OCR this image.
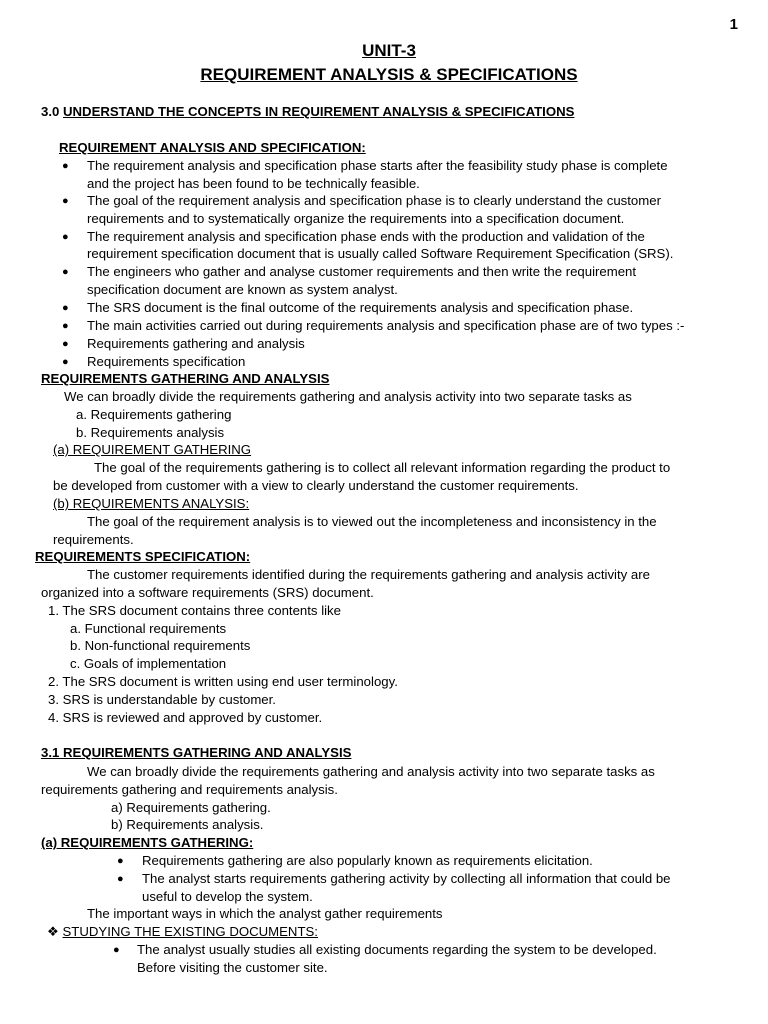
1
UNIT-3
REQUIREMENT ANALYSIS & SPECIFICATIONS
3.0 UNDERSTAND THE CONCEPTS IN REQUIREMENT ANALYSIS & SPECIFICATIONS
REQUIREMENT ANALYSIS AND SPECIFICATION:
● The requirement analysis and specification phase starts after the feasibility study phase is complete
and the project has been found to be technically feasible.
● The goal of the requirement analysis and specification phase is to clearly understand the customer
requirements and to systematically organize the requirements into a specification document.
● The requirement analysis and specification phase ends with the production and validation of the
requirement specification document that is usually called Software Requirement Specification (SRS).
● The engineers who gather and analyse customer requirements and then write the requirement
specification document are known as system analyst.
● The SRS document is the final outcome of the requirements analysis and specification phase.
● The main activities carried out during requirements analysis and specification phase are of two types :-
● Requirements gathering and analysis
● Requirements specification
REQUIREMENTS GATHERING AND ANALYSIS
We can broadly divide the requirements gathering and analysis activity into two separate tasks as
a. Requirements gathering
b. Requirements analysis
(a) REQUIREMENT GATHERING
The goal of the requirements gathering is to collect all relevant information regarding the product to
be developed from customer with a view to clearly understand the customer requirements.
(b) REQUIREMENTS ANALYSIS:
The goal of the requirement analysis is to viewed out the incompleteness and inconsistency in the
requirements.
REQUIREMENTS SPECIFICATION:
The customer requirements identified during the requirements gathering and analysis activity are
organized into a software requirements (SRS) document.
1. The SRS document contains three contents like
a. Functional requirements
b. Non-functional requirements
c. Goals of implementation
2. The SRS document is written using end user terminology.
3. SRS is understandable by customer.
4. SRS is reviewed and approved by customer.
3.1 REQUIREMENTS GATHERING AND ANALYSIS
We can broadly divide the requirements gathering and analysis activity into two separate tasks as
requirements gathering and requirements analysis.
a) Requirements gathering.
b) Requirements analysis.
(a) REQUIREMENTS GATHERING:
● Requirements gathering are also popularly known as requirements elicitation.
● The analyst starts requirements gathering activity by collecting all information that could be
useful to develop the system.
The important ways in which the analyst gather requirements
❖ STUDYING THE EXISTING DOCUMENTS:
● The analyst usually studies all existing documents regarding the system to be developed.
Before visiting the customer site.
